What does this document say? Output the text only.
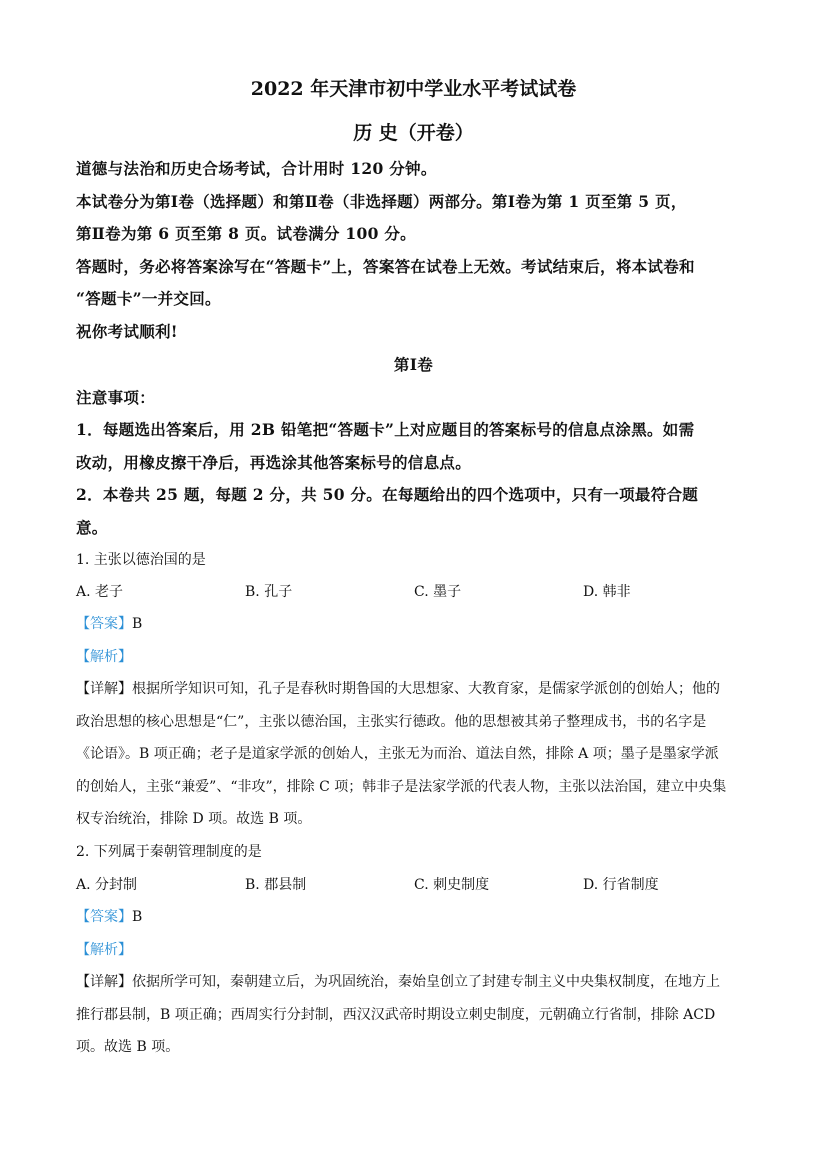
2022 年天津市初中学业水平考试试卷
历 史（开卷）
道德与法治和历史合场考试，合计用时 120 分钟。
本试卷分为第Ⅰ卷（选择题）和第Ⅱ卷（非选择题）两部分。第Ⅰ卷为第 1 页至第 5 页，
第Ⅱ卷为第 6 页至第 8 页。试卷满分 100 分。
答题时，务必将答案涂写在“答题卡”上，答案答在试卷上无效。考试结束后，将本试卷和
“答题卡”一并交回。
祝你考试顺利!
第Ⅰ卷
注意事项：
1．每题选出答案后，用 2B 铅笔把“答题卡”上对应题目的答案标号的信息点涂黑。如需
改动，用橡皮擦干净后，再选涂其他答案标号的信息点。
2．本卷共 25 题，每题 2 分，共 50 分。在每题给出的四个选项中，只有一项最符合题
意。
1. 主张以德治国的是
A. 老子	B. 孔子	C. 墨子	D. 韩非
【答案】B
【解析】
【详解】根据所学知识可知，孔子是春秋时期鲁国的大思想家、大教育家，是儒家学派创的创始人；他的
政治思想的核心思想是“仁”，主张以德治国，主张实行德政。他的思想被其弟子整理成书，书的名字是
《论语》。B 项正确；老子是道家学派的创始人，主张无为而治、道法自然，排除 A 项；墨子是墨家学派
的创始人，主张“兼爱”、“非攻”，排除 C 项；韩非子是法家学派的代表人物，主张以法治国，建立中央集
权专治统治，排除 D 项。故选 B 项。
2. 下列属于秦朝管理制度的是
A. 分封制	B. 郡县制	C. 刺史制度	D. 行省制度
【答案】B
【解析】
【详解】依据所学可知，秦朝建立后，为巩固统治，秦始皇创立了封建专制主义中央集权制度，在地方上
推行郡县制，B 项正确；西周实行分封制，西汉汉武帝时期设立刺史制度，元朝确立行省制，排除 ACD
项。故选 B 项。
